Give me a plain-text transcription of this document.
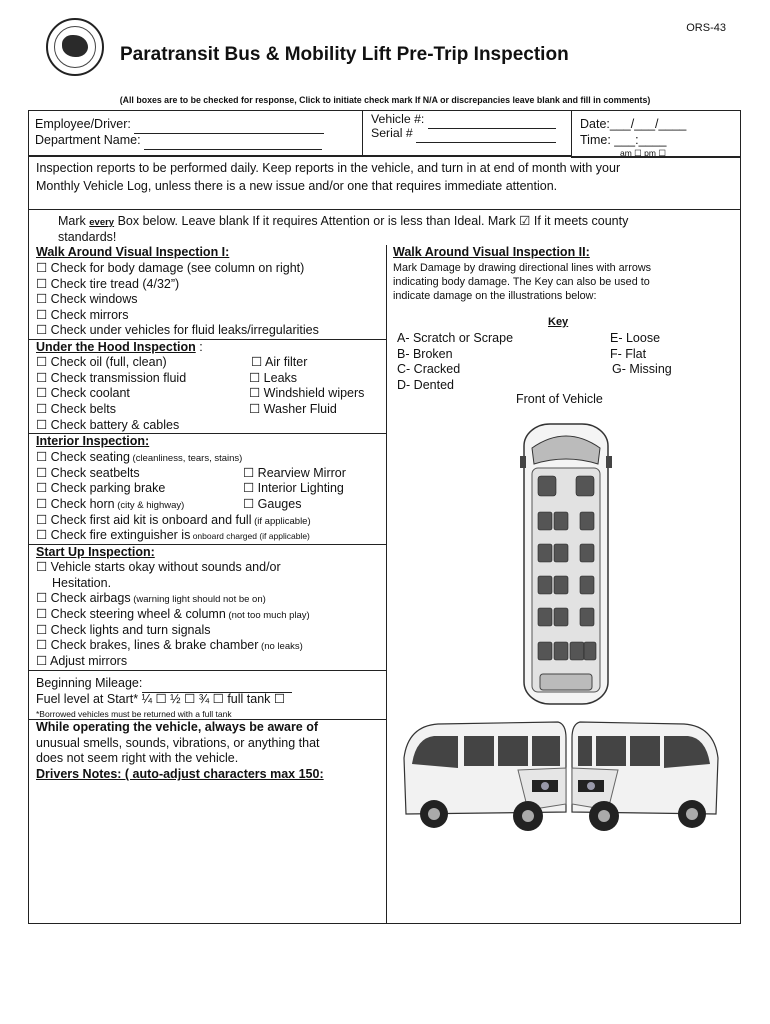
ORS-43
Paratransit Bus & Mobility Lift Pre-Trip Inspection
(All boxes are to be checked for response, Click to initiate check mark If N/A or discrepancies leave blank and fill in comments)
Employee/Driver:
Department Name:
Vehicle #:
Serial #
Date:___/___/____
Time: ___:____
am ☐ pm ☐
Inspection reports to be performed daily. Keep reports in the vehicle, and turn in at end of month with your
Monthly Vehicle Log, unless there is a new issue and/or one that requires immediate attention.
Mark every Box below. Leave blank If it requires Attention or is less than Ideal. Mark ☑ If it meets county
standards!
Walk Around Visual Inspection I:
☐ Check for body damage (see column on right)
☐ Check tire tread (4/32”)
☐ Check windows
☐ Check mirrors
☐ Check under vehicles for fluid leaks/irregularities
Under the Hood Inspection :
☐ Check oil (full, clean)
☐ Check transmission fluid
☐ Check coolant
☐ Check belts
☐ Check battery & cables
☐ Air filter
☐ Leaks
☐ Windshield wipers
☐ Washer Fluid
Interior Inspection:
☐ Check seating (cleanliness, tears, stains)
☐ Check seatbelts
☐ Check parking brake
☐ Check horn (city & highway)
☐ Check first aid kit is onboard and full (if applicable)
☐ Check fire extinguisher is onboard charged (if applicable)
☐ Rearview Mirror
☐ Interior Lighting
☐ Gauges
Start Up Inspection:
☐ Vehicle starts okay without sounds and/or
Hesitation.
☐ Check airbags (warning light should not be on)
☐ Check steering wheel & column (not too much play)
☐ Check lights and turn signals
☐ Check brakes, lines & brake chamber (no leaks)
☐ Adjust mirrors
Beginning Mileage:
Fuel level at Start* ¼ ☐ ½ ☐ ¾ ☐ full tank ☐
*Borrowed vehicles must be returned with a full tank
While operating the vehicle, always be aware of
unusual smells, sounds, vibrations, or anything that
does not seem right with the vehicle.
Drivers Notes: ( auto-adjust characters max 150:
Walk Around Visual Inspection II:
Mark Damage by drawing directional lines with arrows
indicating body damage. The Key can also be used to
indicate damage on the illustrations below:
Key
A- Scratch or Scrape
B- Broken
C- Cracked
D- Dented
E- Loose
F- Flat
G- Missing
Front of Vehicle
